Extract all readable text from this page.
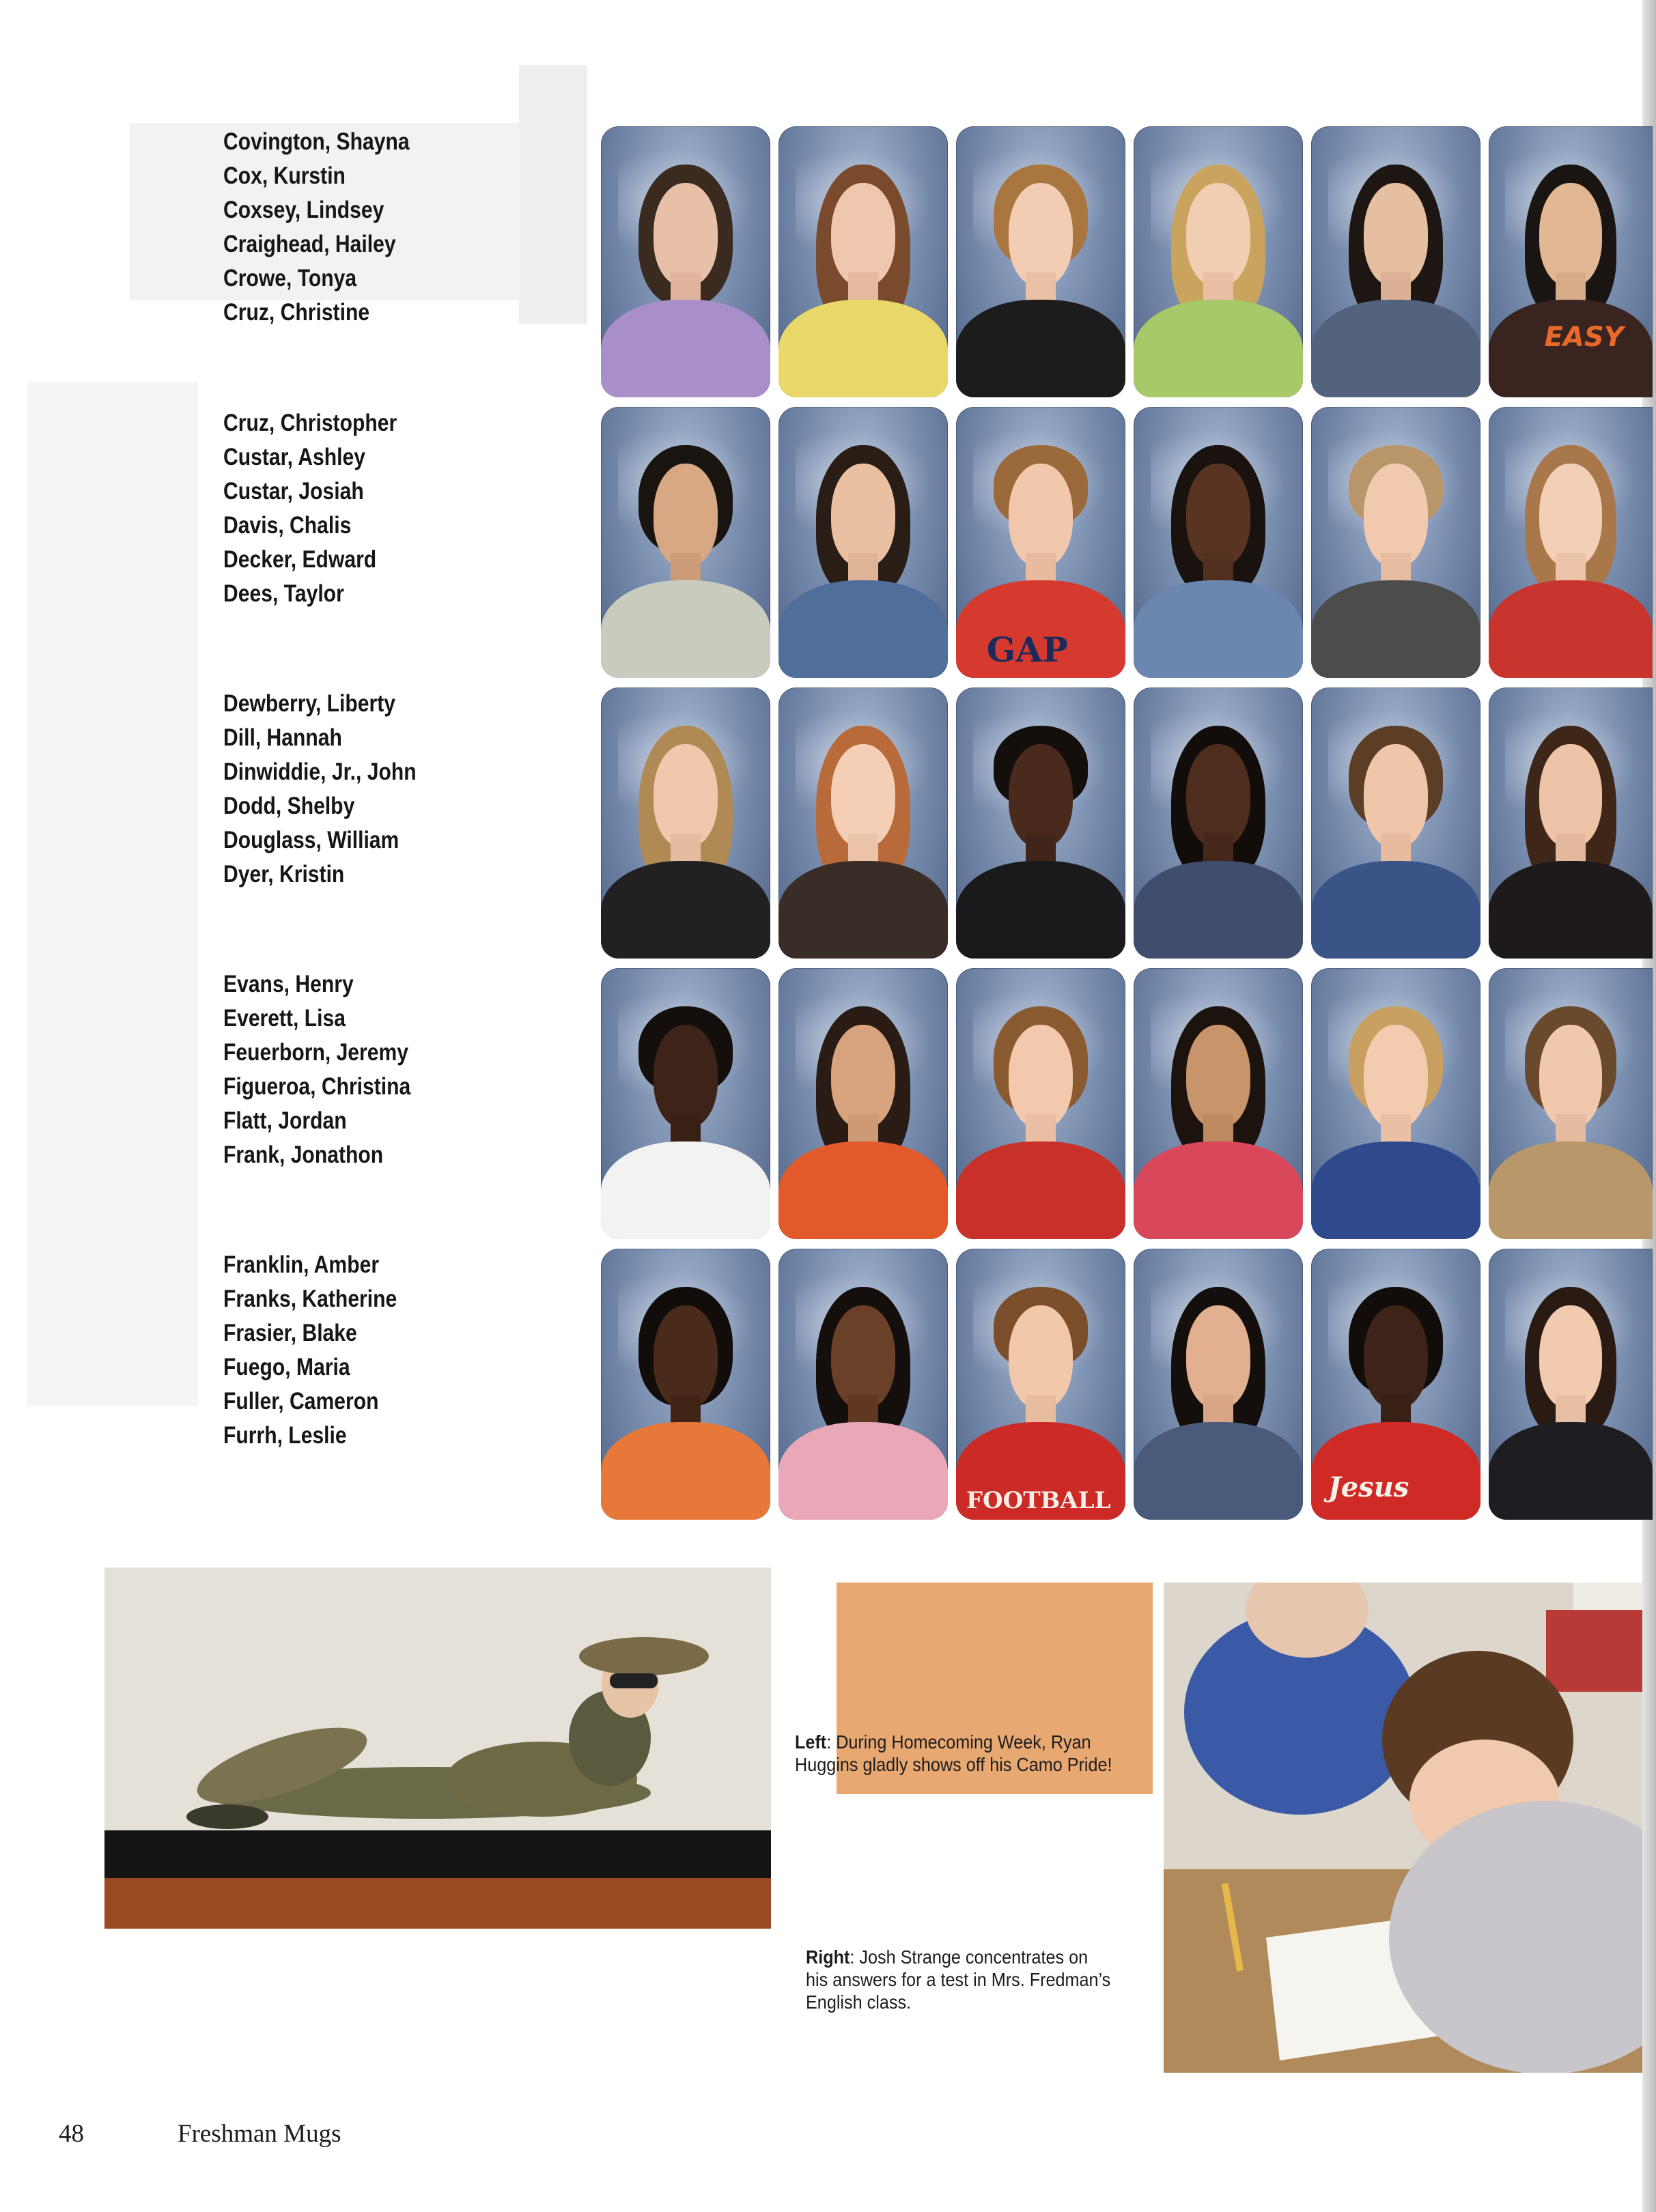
Covington, Shayna
Cox, Kurstin
Coxsey, Lindsey
Craighead, Hailey
Crowe, Tonya
Cruz, Christine
Cruz, Christopher
Custar, Ashley
Custar, Josiah
Davis, Chalis
Decker, Edward
Dees, Taylor
Dewberry, Liberty
Dill, Hannah
Dinwiddie, Jr., John
Dodd, Shelby
Douglass, William
Dyer, Kristin
Evans, Henry
Everett, Lisa
Feuerborn, Jeremy
Figueroa, Christina
Flatt, Jordan
Frank, Jonathon
Franklin, Amber
Franks, Katherine
Frasier, Blake
Fuego, Maria
Fuller, Cameron
Furrh, Leslie
EASY
GAP
FOOTBALL	Jesus
Left: During Homecoming Week, Ryan Huggins gladly shows off his Camo Pride!
Right: Josh Strange concentrates on his answers for a test in Mrs. Fredman’s English class.
48	Freshman Mugs
